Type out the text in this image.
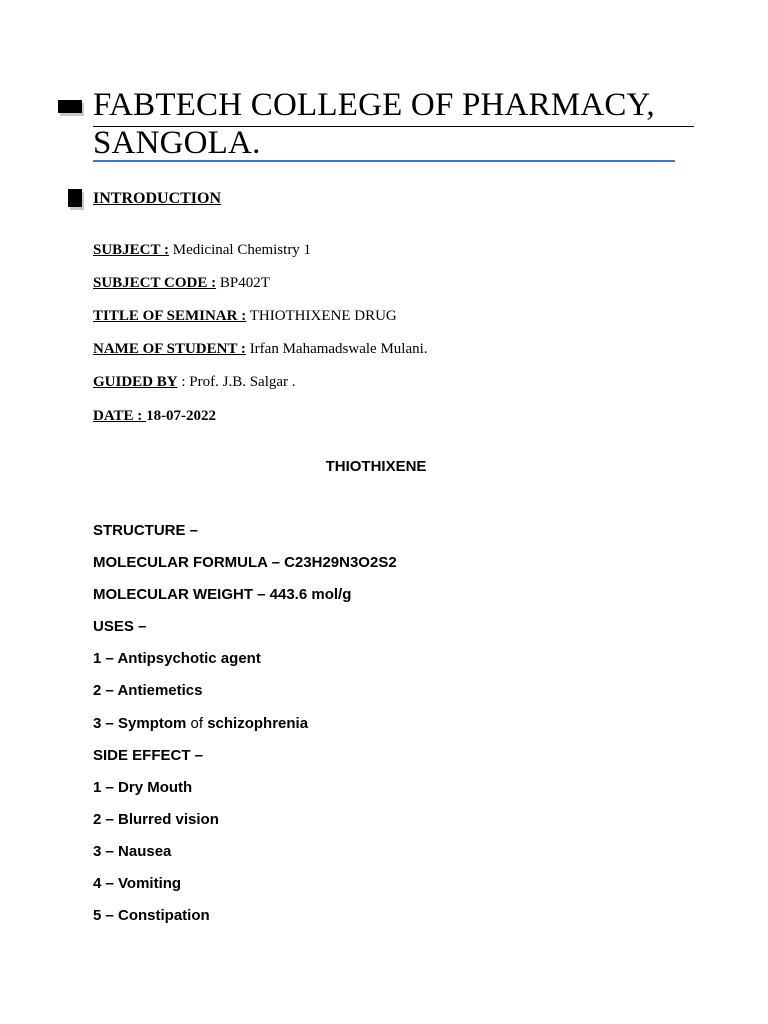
FABTECH COLLEGE OF PHARMACY,
SANGOLA.
INTRODUCTION
SUBJECT : Medicinal Chemistry 1
SUBJECT CODE : BP402T
TITLE OF SEMINAR : THIOTHIXENE DRUG
NAME OF STUDENT : Irfan Mahamadswale Mulani.
GUIDED BY : Prof. J.B. Salgar .
DATE : 18-07-2022
THIOTHIXENE
STRUCTURE –
MOLECULAR FORMULA – C23H29N3O2S2
MOLECULAR WEIGHT – 443.6 mol/g
USES –
1 – Antipsychotic agent
2 – Antiemetics
3 – Symptom of schizophrenia
SIDE EFFECT –
1 – Dry Mouth
2 – Blurred vision
3 – Nausea
4 – Vomiting
5 – Constipation
